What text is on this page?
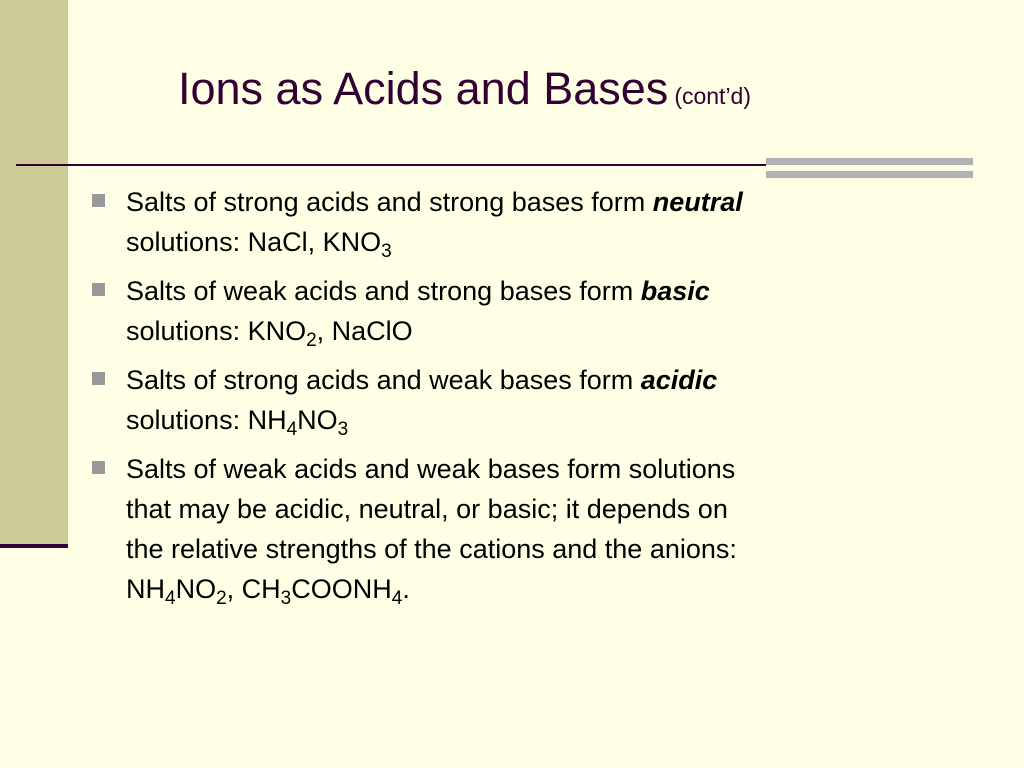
Ions as Acids and Bases (cont’d)
Salts of strong acids and strong bases form neutral
solutions: NaCl, $KNO_3$
Salts of weak acids and strong bases form basic
solutions: $KNO_2$, NaClO
Salts of strong acids and weak bases form acidic
solutions: $NH_4NO_3$
Salts of weak acids and weak bases form solutions
that may be acidic, neutral, or basic; it depends on
the relative strengths of the cations and the anions:
$NH_4NO_2$, $CH_3COONH_4$.
